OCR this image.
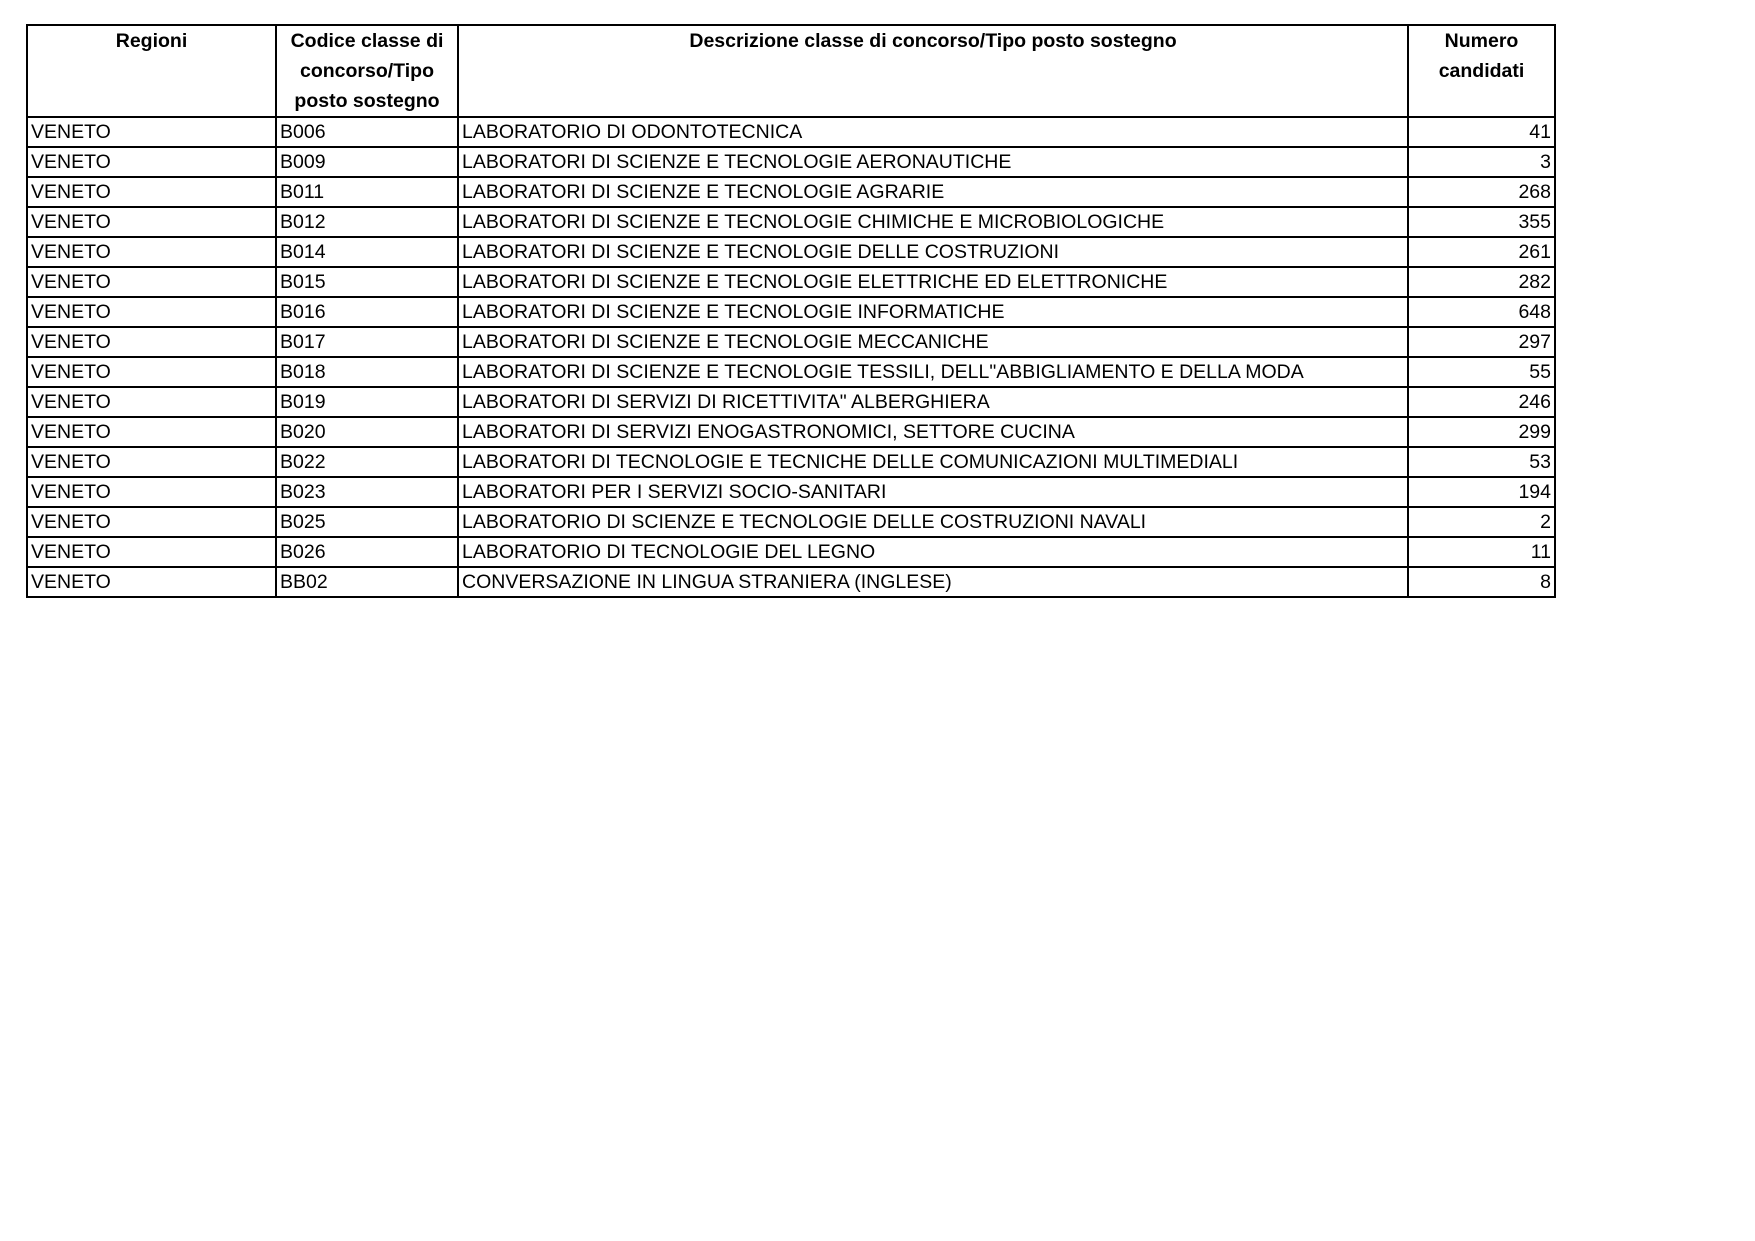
Regioni	Codice classe di concorso/Tipo posto sostegno	Descrizione classe di concorso/Tipo posto sostegno	Numero candidati
VENETO	B006	LABORATORIO DI ODONTOTECNICA	41
VENETO	B009	LABORATORI DI SCIENZE E TECNOLOGIE AERONAUTICHE	3
VENETO	B011	LABORATORI DI SCIENZE E TECNOLOGIE AGRARIE	268
VENETO	B012	LABORATORI DI SCIENZE E TECNOLOGIE CHIMICHE E MICROBIOLOGICHE	355
VENETO	B014	LABORATORI DI SCIENZE E TECNOLOGIE DELLE COSTRUZIONI	261
VENETO	B015	LABORATORI DI SCIENZE E TECNOLOGIE ELETTRICHE ED ELETTRONICHE	282
VENETO	B016	LABORATORI DI SCIENZE E TECNOLOGIE INFORMATICHE	648
VENETO	B017	LABORATORI DI SCIENZE E TECNOLOGIE MECCANICHE	297
VENETO	B018	LABORATORI DI SCIENZE E TECNOLOGIE TESSILI, DELL"ABBIGLIAMENTO E DELLA MODA	55
VENETO	B019	LABORATORI DI SERVIZI DI RICETTIVITA" ALBERGHIERA	246
VENETO	B020	LABORATORI DI SERVIZI ENOGASTRONOMICI, SETTORE CUCINA	299
VENETO	B022	LABORATORI DI TECNOLOGIE E TECNICHE DELLE COMUNICAZIONI MULTIMEDIALI	53
VENETO	B023	LABORATORI PER I SERVIZI SOCIO-SANITARI	194
VENETO	B025	LABORATORIO DI SCIENZE E TECNOLOGIE DELLE COSTRUZIONI NAVALI	2
VENETO	B026	LABORATORIO DI TECNOLOGIE DEL LEGNO	11
VENETO	BB02	CONVERSAZIONE IN LINGUA STRANIERA (INGLESE)	8
